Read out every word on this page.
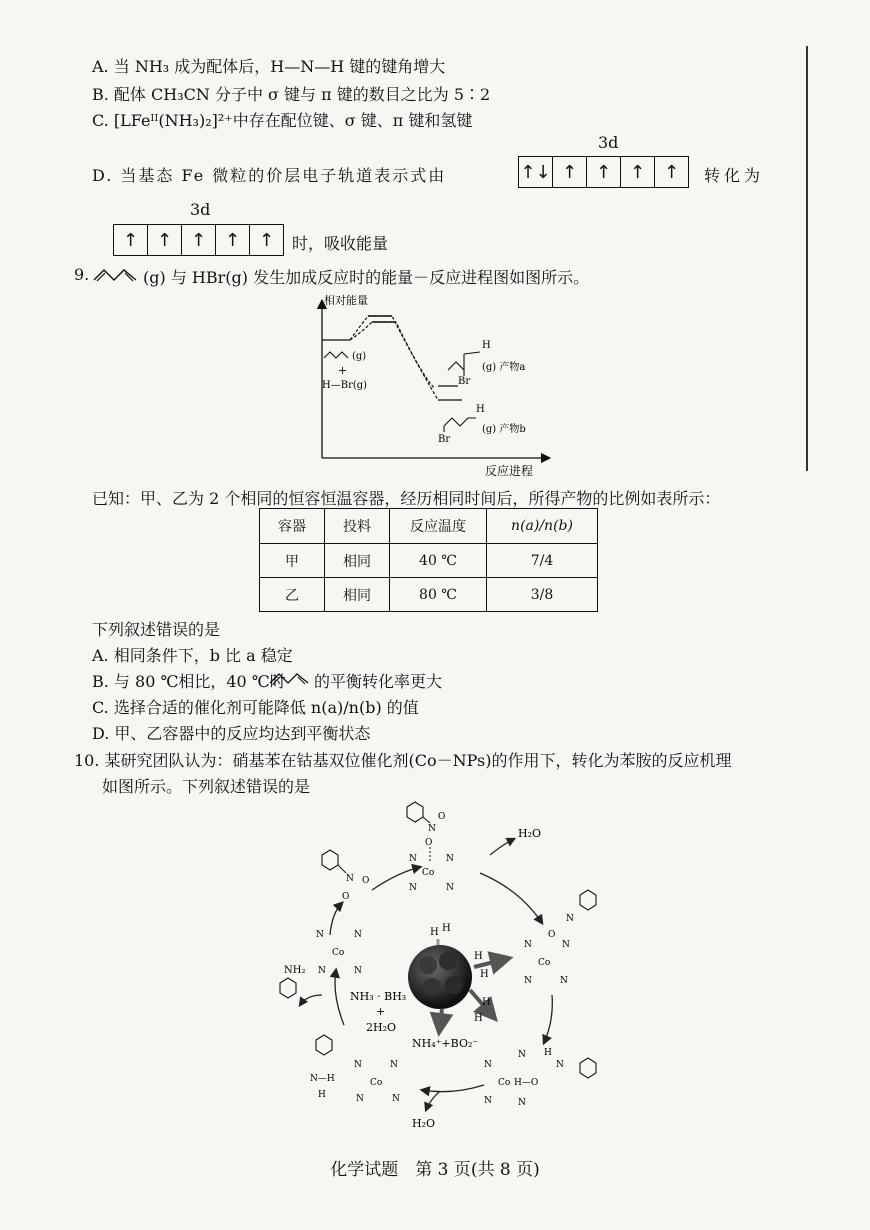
A. 当 NH₃ 成为配体后，H—N—H 键的键角增大
B. 配体 CH₃CN 分子中 σ 键与 π 键的数目之比为 5∶2
C. [LFeᴵᴵ(NH₃)₂]²⁺中存在配位键、σ 键、π 键和氢键
3d
D. 当基态 Fe 微粒的价层电子轨道表示式由	↑↓ ↑	↑	↑	↑	转化为
3d
↑	↑	↑	↑	↑	时，吸收能量
9.	(g) 与 HBr(g) 发生加成反应时的能量－反应进程图如图所示。
相对能量
反应进程
(g)
+
H—Br(g)
H
Br
(g) 产物a
H
Br
(g) 产物b
已知：甲、乙为 2 个相同的恒容恒温容器，经历相同时间后，所得产物的比例如表所示：
容器	投料	反应温度	n(a)/n(b)
甲	相同	40 ℃	7/4
乙	相同	80 ℃	3/8
下列叙述错误的是
A. 相同条件下，b 比 a 稳定
B. 与 80 ℃相比，40 ℃时 的平衡转化率更大
C. 选择合适的催化剂可能降低 n(a)/n(b) 的值
D. 甲、乙容器中的反应均达到平衡状态
10. 某研究团队认为：硝基苯在钴基双位催化剂(Co－NPs)的作用下，转化为苯胺的反应机理
如图所示。下列叙述错误的是
H₂O
H₂O
N
O
O
N	N
Co
N	N
N O
O
N
O
N	N
Co
N	N
N	N
Co
N	N
NH₂
N—H
H
N	N
Co
N	N
N
N
Co H—O
N	N
H
N
H H
H
H
H
H
NH₃ · BH₃
+
2H₂O
NH₄⁺+BO₂⁻
化学试题　第 3 页(共 8 页)
